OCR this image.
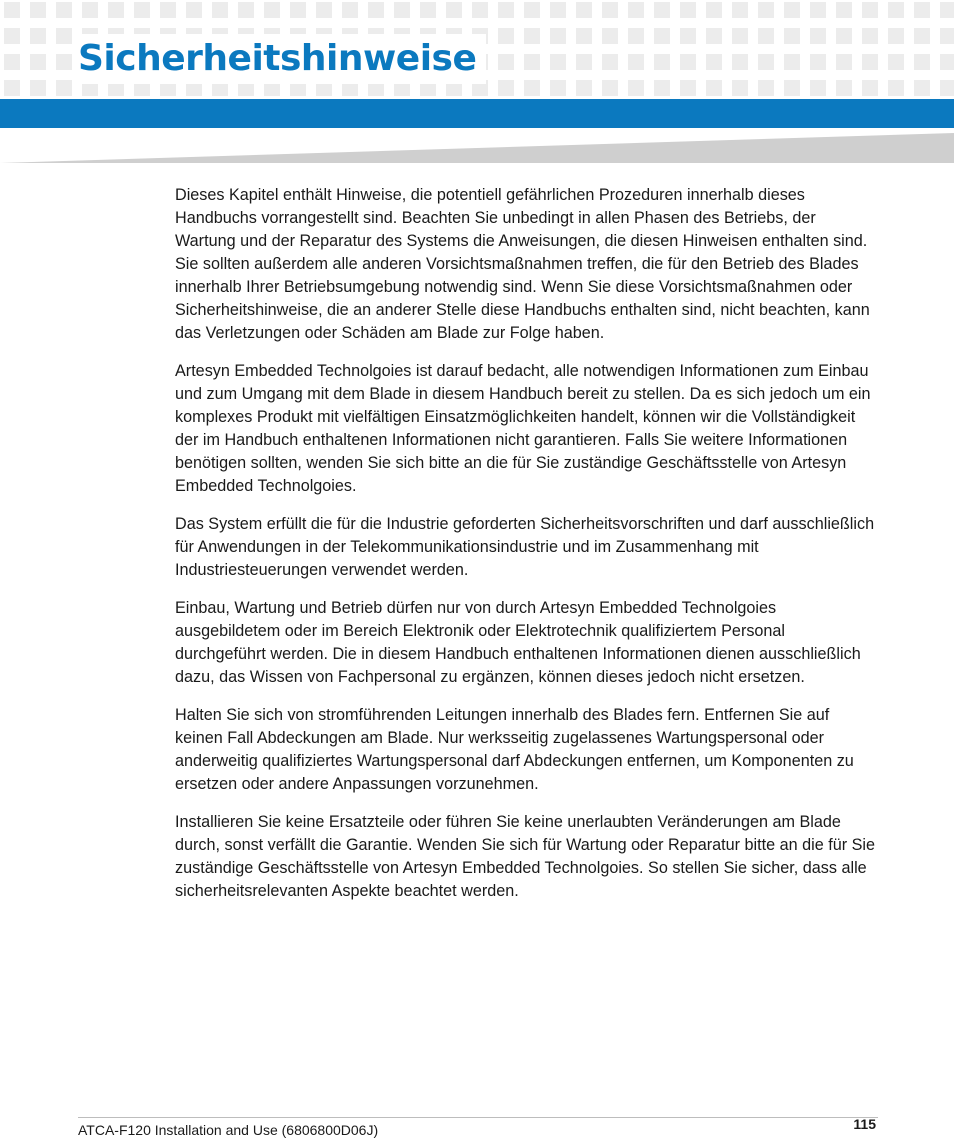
Sicherheitshinweise

Dieses Kapitel enthält Hinweise, die potentiell gefährlichen Prozeduren innerhalb dieses Handbuchs vorrangestellt sind. Beachten Sie unbedingt in allen Phasen des Betriebs, der Wartung und der Reparatur des Systems die Anweisungen, die diesen Hinweisen enthalten sind. Sie sollten außerdem alle anderen Vorsichtsmaßnahmen treffen, die für den Betrieb des Blades innerhalb Ihrer Betriebsumgebung notwendig sind. Wenn Sie diese Vorsichtsmaßnahmen oder Sicherheitshinweise, die an anderer Stelle diese Handbuchs enthalten sind, nicht beachten, kann das Verletzungen oder Schäden am Blade zur Folge haben.

Artesyn Embedded Technolgoies ist darauf bedacht, alle notwendigen Informationen zum Einbau und zum Umgang mit dem Blade in diesem Handbuch bereit zu stellen. Da es sich jedoch um ein komplexes Produkt mit vielfältigen Einsatzmöglichkeiten handelt, können wir die Vollständigkeit der im Handbuch enthaltenen Informationen nicht garantieren. Falls Sie weitere Informationen benötigen sollten, wenden Sie sich bitte an die für Sie zuständige Geschäftsstelle von Artesyn Embedded Technolgoies.

Das System erfüllt die für die Industrie geforderten Sicherheitsvorschriften und darf ausschließlich für Anwendungen in der Telekommunikationsindustrie und im Zusammenhang mit Industriesteuerungen verwendet werden.

Einbau, Wartung und Betrieb dürfen nur von durch Artesyn Embedded Technolgoies ausgebildetem oder im Bereich Elektronik oder Elektrotechnik qualifiziertem Personal durchgeführt werden. Die in diesem Handbuch enthaltenen Informationen dienen ausschließlich dazu, das Wissen von Fachpersonal zu ergänzen, können dieses jedoch nicht ersetzen.

Halten Sie sich von stromführenden Leitungen innerhalb des Blades fern. Entfernen Sie auf keinen Fall Abdeckungen am Blade. Nur werksseitig zugelassenes Wartungspersonal oder anderweitig qualifiziertes Wartungspersonal darf Abdeckungen entfernen, um Komponenten zu ersetzen oder andere Anpassungen vorzunehmen.

Installieren Sie keine Ersatzteile oder führen Sie keine unerlaubten Veränderungen am Blade durch, sonst verfällt die Garantie. Wenden Sie sich für Wartung oder Reparatur bitte an die für Sie zuständige Geschäftsstelle von Artesyn Embedded Technolgoies. So stellen Sie sicher, dass alle sicherheitsrelevanten Aspekte beachtet werden.

ATCA-F120 Installation and Use (6806800D06J)	115
